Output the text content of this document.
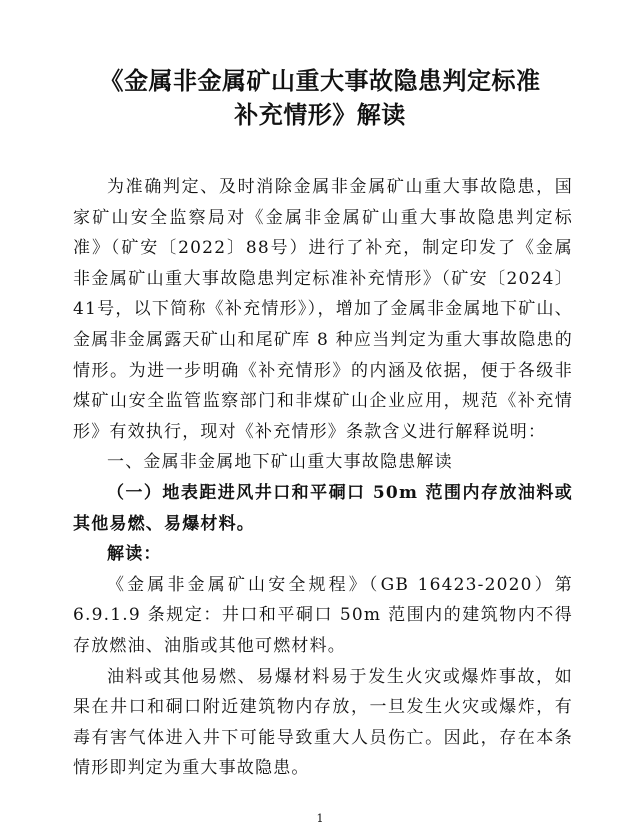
《金属非金属矿山重大事故隐患判定标准
补充情形》解读

为准确判定、及时消除金属非金属矿山重大事故隐患，国家矿山安全监察局对《金属非金属矿山重大事故隐患判定标准》（矿安〔2022〕88号）进行了补充，制定印发了《金属非金属矿山重大事故隐患判定标准补充情形》（矿安〔2024〕41号，以下简称《补充情形》），增加了金属非金属地下矿山、金属非金属露天矿山和尾矿库 8 种应当判定为重大事故隐患的情形。为进一步明确《补充情形》的内涵及依据，便于各级非煤矿山安全监管监察部门和非煤矿山企业应用，规范《补充情形》有效执行，现对《补充情形》条款含义进行解释说明：

一、金属非金属地下矿山重大事故隐患解读

（一）地表距进风井口和平硐口 50m 范围内存放油料或其他易燃、易爆材料。

解读：

《金属非金属矿山安全规程》（GB 16423-2020）第 6.9.1.9 条规定：井口和平硐口 50m 范围内的建筑物内不得存放燃油、油脂或其他可燃材料。

油料或其他易燃、易爆材料易于发生火灾或爆炸事故，如果在井口和硐口附近建筑物内存放，一旦发生火灾或爆炸，有毒有害气体进入井下可能导致重大人员伤亡。因此，存在本条情形即判定为重大事故隐患。

1
